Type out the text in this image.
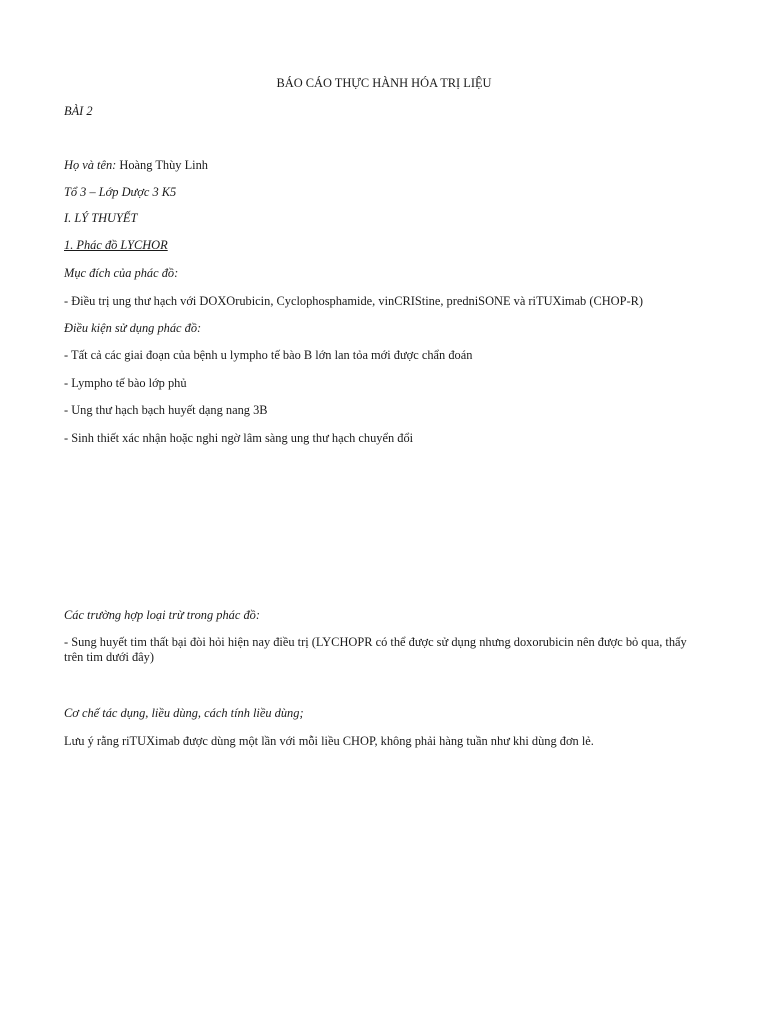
BÁO CÁO THỰC HÀNH HÓA TRỊ LIỆU
BÀI 2
Họ và tên: Hoàng Thùy Linh
Tổ 3 – Lớp Dược 3 K5
I. LÝ THUYẾT
1. Phác đồ LYCHOR
Mục đích của phác đồ:
- Điều trị ung thư hạch với DOXOrubicin, Cyclophosphamide, vinCRIStine, predniSONE và riTUXimab (CHOP-R)
Điều kiện sử dụng phác đồ:
- Tất cả các giai đoạn của bệnh u lympho tế bào B lớn lan tỏa mới được chẩn đoán
- Lympho tế bào lớp phủ
- Ung thư hạch bạch huyết dạng nang 3B
- Sinh thiết xác nhận hoặc nghi ngờ lâm sàng ung thư hạch chuyển đổi
Các trường hợp loại trừ trong phác đồ:
- Sung huyết tim thất bại đòi hỏi hiện nay điều trị (LYCHOPR có thể được sử dụng nhưng doxorubicin nên được bỏ qua, thấy trên tim dưới đây)
Cơ chế tác dụng, liều dùng, cách tính liều dùng;
Lưu ý rằng riTUXimab được dùng một lần với mỗi liều CHOP, không phải hàng tuần như khi dùng đơn lẻ.
